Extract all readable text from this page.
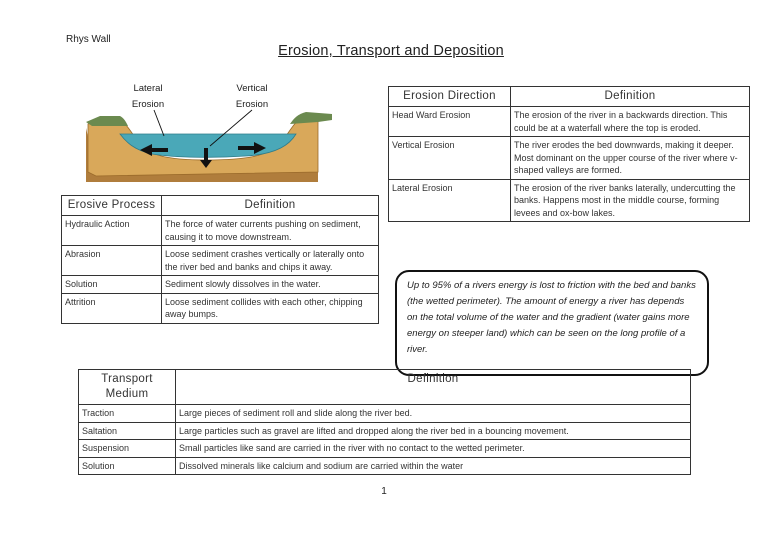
Rhys Wall
Erosion, Transport and Deposition
Lateral
Erosion
Vertical
Erosion
Erosive Process	Definition
Hydraulic Action	The force of water currents pushing on sediment, causing it to move downstream.
Abrasion	Loose sediment crashes vertically or laterally onto the river bed and banks and chips it away.
Solution	Sediment slowly dissolves in the water.
Attrition	Loose sediment collides with each other, chipping away bumps.
Erosion Direction	Definition
Head Ward Erosion	The erosion of the river in a backwards direction. This could be at a waterfall where the top is eroded.
Vertical Erosion	The river erodes the bed downwards, making it deeper. Most dominant on the upper course of the river where v-shaped valleys are formed.
Lateral Erosion	The erosion of the river banks laterally, undercutting the banks. Happens most in the middle course, forming levees and ox-bow lakes.
Up to 95% of a rivers energy is lost to friction with the bed and banks (the wetted perimeter). The amount of energy a river has depends on the total volume of the water and the gradient (water gains more energy on steeper land) which can be seen on the long profile of a river.
Transport Medium	Definition
Traction	Large pieces of sediment roll and slide along the river bed.
Saltation	Large particles such as gravel are lifted and dropped along the river bed in a bouncing movement.
Suspension	Small particles like sand are carried in the river with no contact to the wetted perimeter.
Solution	Dissolved minerals like calcium and sodium are carried within the water
1
